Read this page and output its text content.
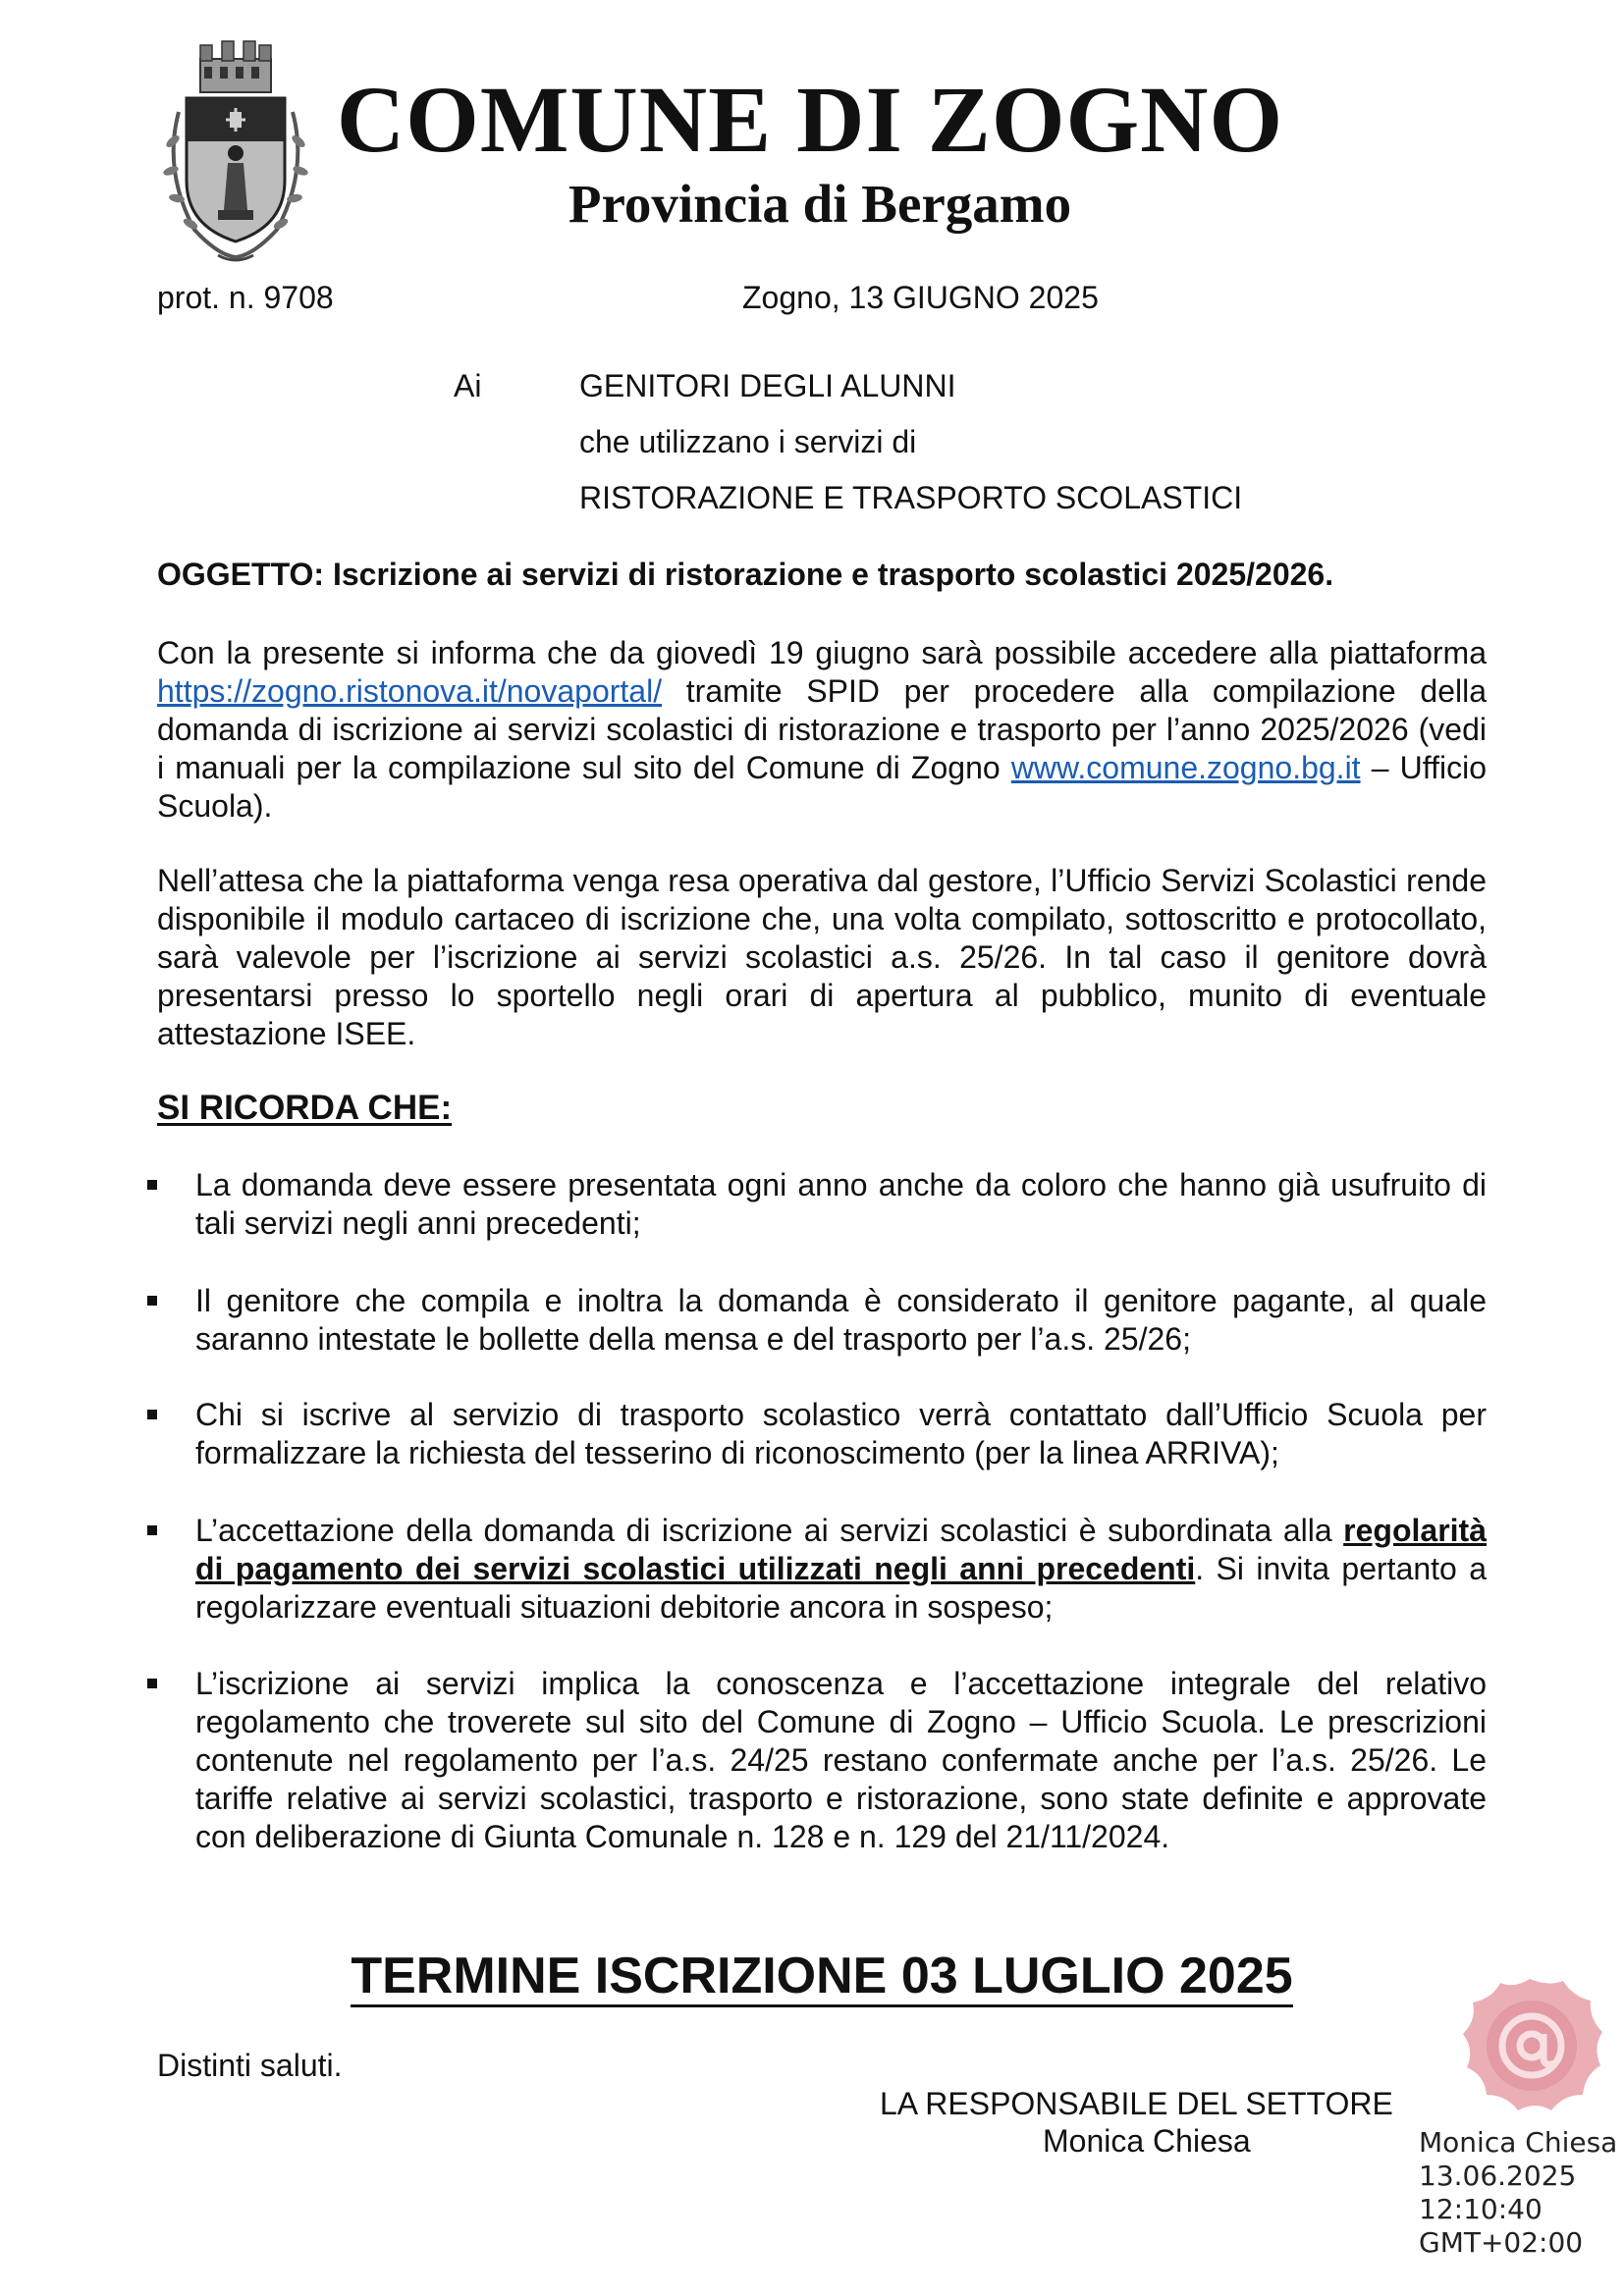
COMUNE DI ZOGNO
Provincia di Bergamo
prot. n. 9708	Zogno, 13 GIUGNO 2025
Ai	GENITORI DEGLI ALUNNI
che utilizzano i servizi di
RISTORAZIONE E TRASPORTO SCOLASTICI
OGGETTO: Iscrizione ai servizi di ristorazione e trasporto scolastici 2025/2026.

Con la presente si informa che da giovedì 19 giugno sarà possibile accedere alla piattaforma https://zogno.ristonova.it/novaportal/ tramite SPID per procedere alla compilazione della domanda di iscrizione ai servizi scolastici di ristorazione e trasporto per l’anno 2025/2026 (vedi i manuali per la compilazione sul sito del Comune di Zogno www.comune.zogno.bg.it – Ufficio Scuola).

Nell’attesa che la piattaforma venga resa operativa dal gestore, l’Ufficio Servizi Scolastici rende disponibile il modulo cartaceo di iscrizione che, una volta compilato, sottoscritto e protocollato, sarà valevole per l’iscrizione ai servizi scolastici a.s. 25/26. In tal caso il genitore dovrà presentarsi presso lo sportello negli orari di apertura al pubblico, munito di eventuale attestazione ISEE.

SI RICORDA CHE:
La domanda deve essere presentata ogni anno anche da coloro che hanno già usufruito di tali servizi negli anni precedenti;
Il genitore che compila e inoltra la domanda è considerato il genitore pagante, al quale saranno intestate le bollette della mensa e del trasporto per l’a.s. 25/26;
Chi si iscrive al servizio di trasporto scolastico verrà contattato dall’Ufficio Scuola per formalizzare la richiesta del tesserino di riconoscimento (per la linea ARRIVA);
L’accettazione della domanda di iscrizione ai servizi scolastici è subordinata alla regolarità di pagamento dei servizi scolastici utilizzati negli anni precedenti. Si invita pertanto a regolarizzare eventuali situazioni debitorie ancora in sospeso;
L’iscrizione ai servizi implica la conoscenza e l’accettazione integrale del relativo regolamento che troverete sul sito del Comune di Zogno – Ufficio Scuola. Le prescrizioni contenute nel regolamento per l’a.s. 24/25 restano confermate anche per l’a.s. 25/26. Le tariffe relative ai servizi scolastici, trasporto e ristorazione, sono state definite e approvate con deliberazione di Giunta Comunale n. 128 e n. 129 del 21/11/2024.
TERMINE ISCRIZIONE 03 LUGLIO 2025
Distinti saluti.
LA RESPONSABILE DEL SETTORE
Monica Chiesa	Monica Chiesa
13.06.2025
12:10:40
GMT+02:00
